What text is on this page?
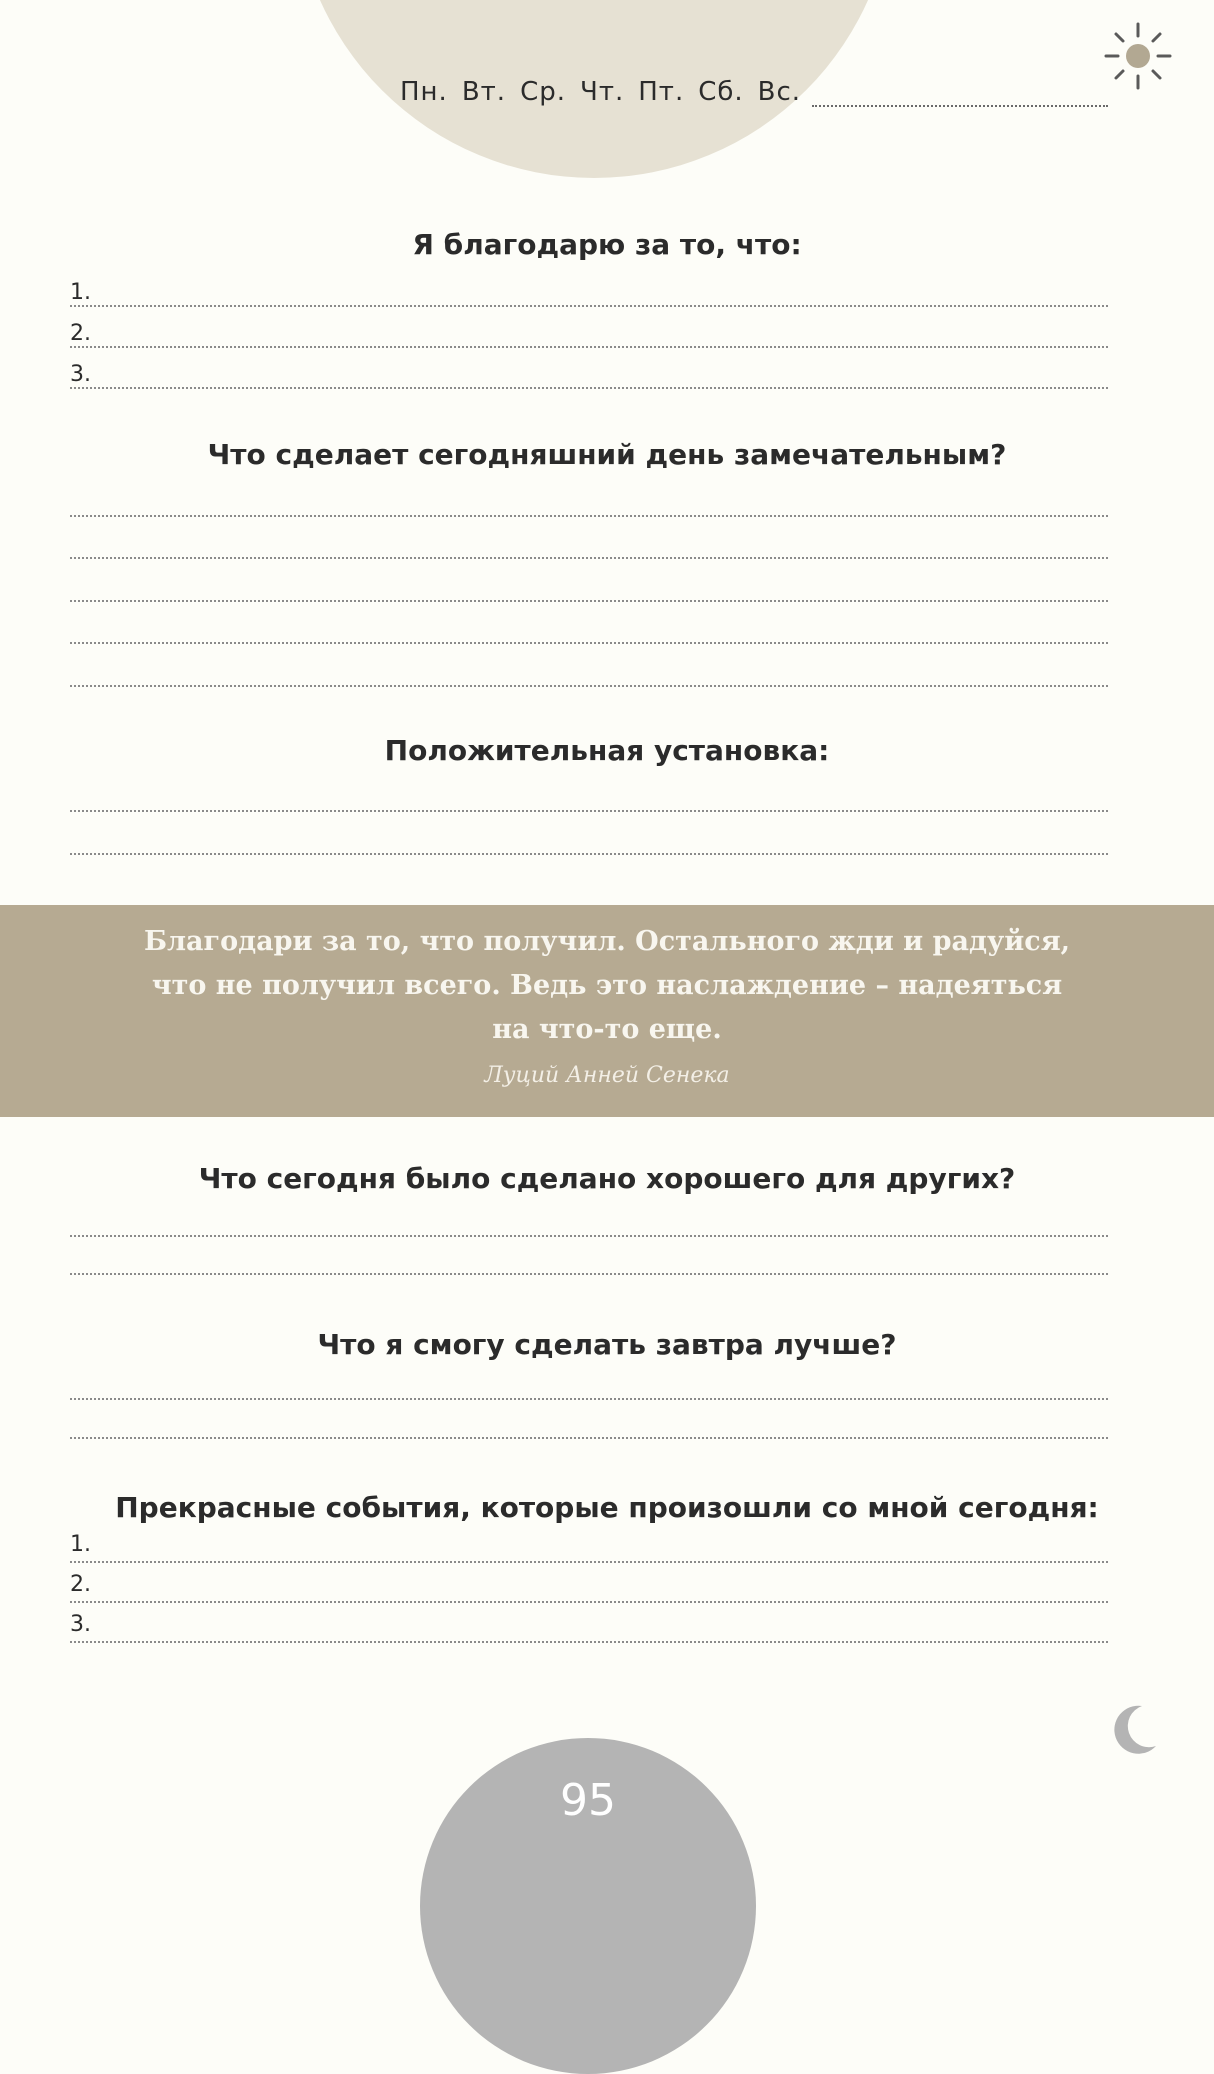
Пн. Вт. Ср. Чт. Пт. Сб. Вс.
Я благодарю за то, что:
1.
2.
3.
Что сделает сегодняшний день замечательным?
Положительная установка:
Благодари за то, что получил. Остального жди и радуйся,
что не получил всего. Ведь это наслаждение – надеяться
на что-то еще.
Луций Анней Сенека
Что сегодня было сделано хорошего для других?
Что я смогу сделать завтра лучше?
Прекрасные события, которые произошли со мной сегодня:
1.
2.
3.
95
